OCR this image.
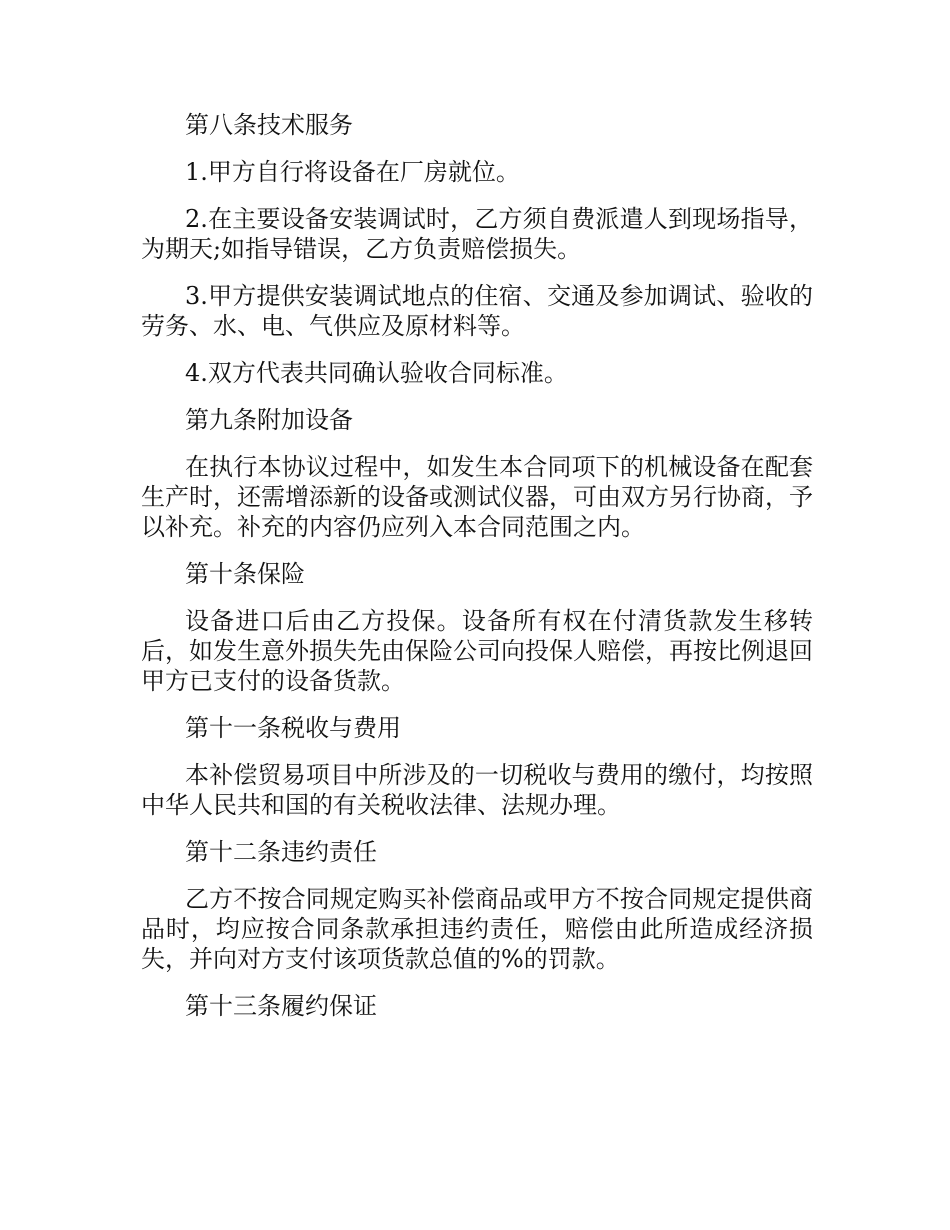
第八条技术服务

1.甲方自行将设备在厂房就位。

2.在主要设备安装调试时，乙方须自费派遣人到现场指导，为期天;如指导错误，乙方负责赔偿损失。

3.甲方提供安装调试地点的住宿、交通及参加调试、验收的劳务、水、电、气供应及原材料等。

4.双方代表共同确认验收合同标准。

第九条附加设备

在执行本协议过程中，如发生本合同项下的机械设备在配套生产时，还需增添新的设备或测试仪器，可由双方另行协商，予以补充。补充的内容仍应列入本合同范围之内。

第十条保险

设备进口后由乙方投保。设备所有权在付清货款发生移转后，如发生意外损失先由保险公司向投保人赔偿，再按比例退回甲方已支付的设备货款。

第十一条税收与费用

本补偿贸易项目中所涉及的一切税收与费用的缴付，均按照中华人民共和国的有关税收法律、法规办理。

第十二条违约责任

乙方不按合同规定购买补偿商品或甲方不按合同规定提供商品时，均应按合同条款承担违约责任，赔偿由此所造成经济损失，并向对方支付该项货款总值的%的罚款。

第十三条履约保证
